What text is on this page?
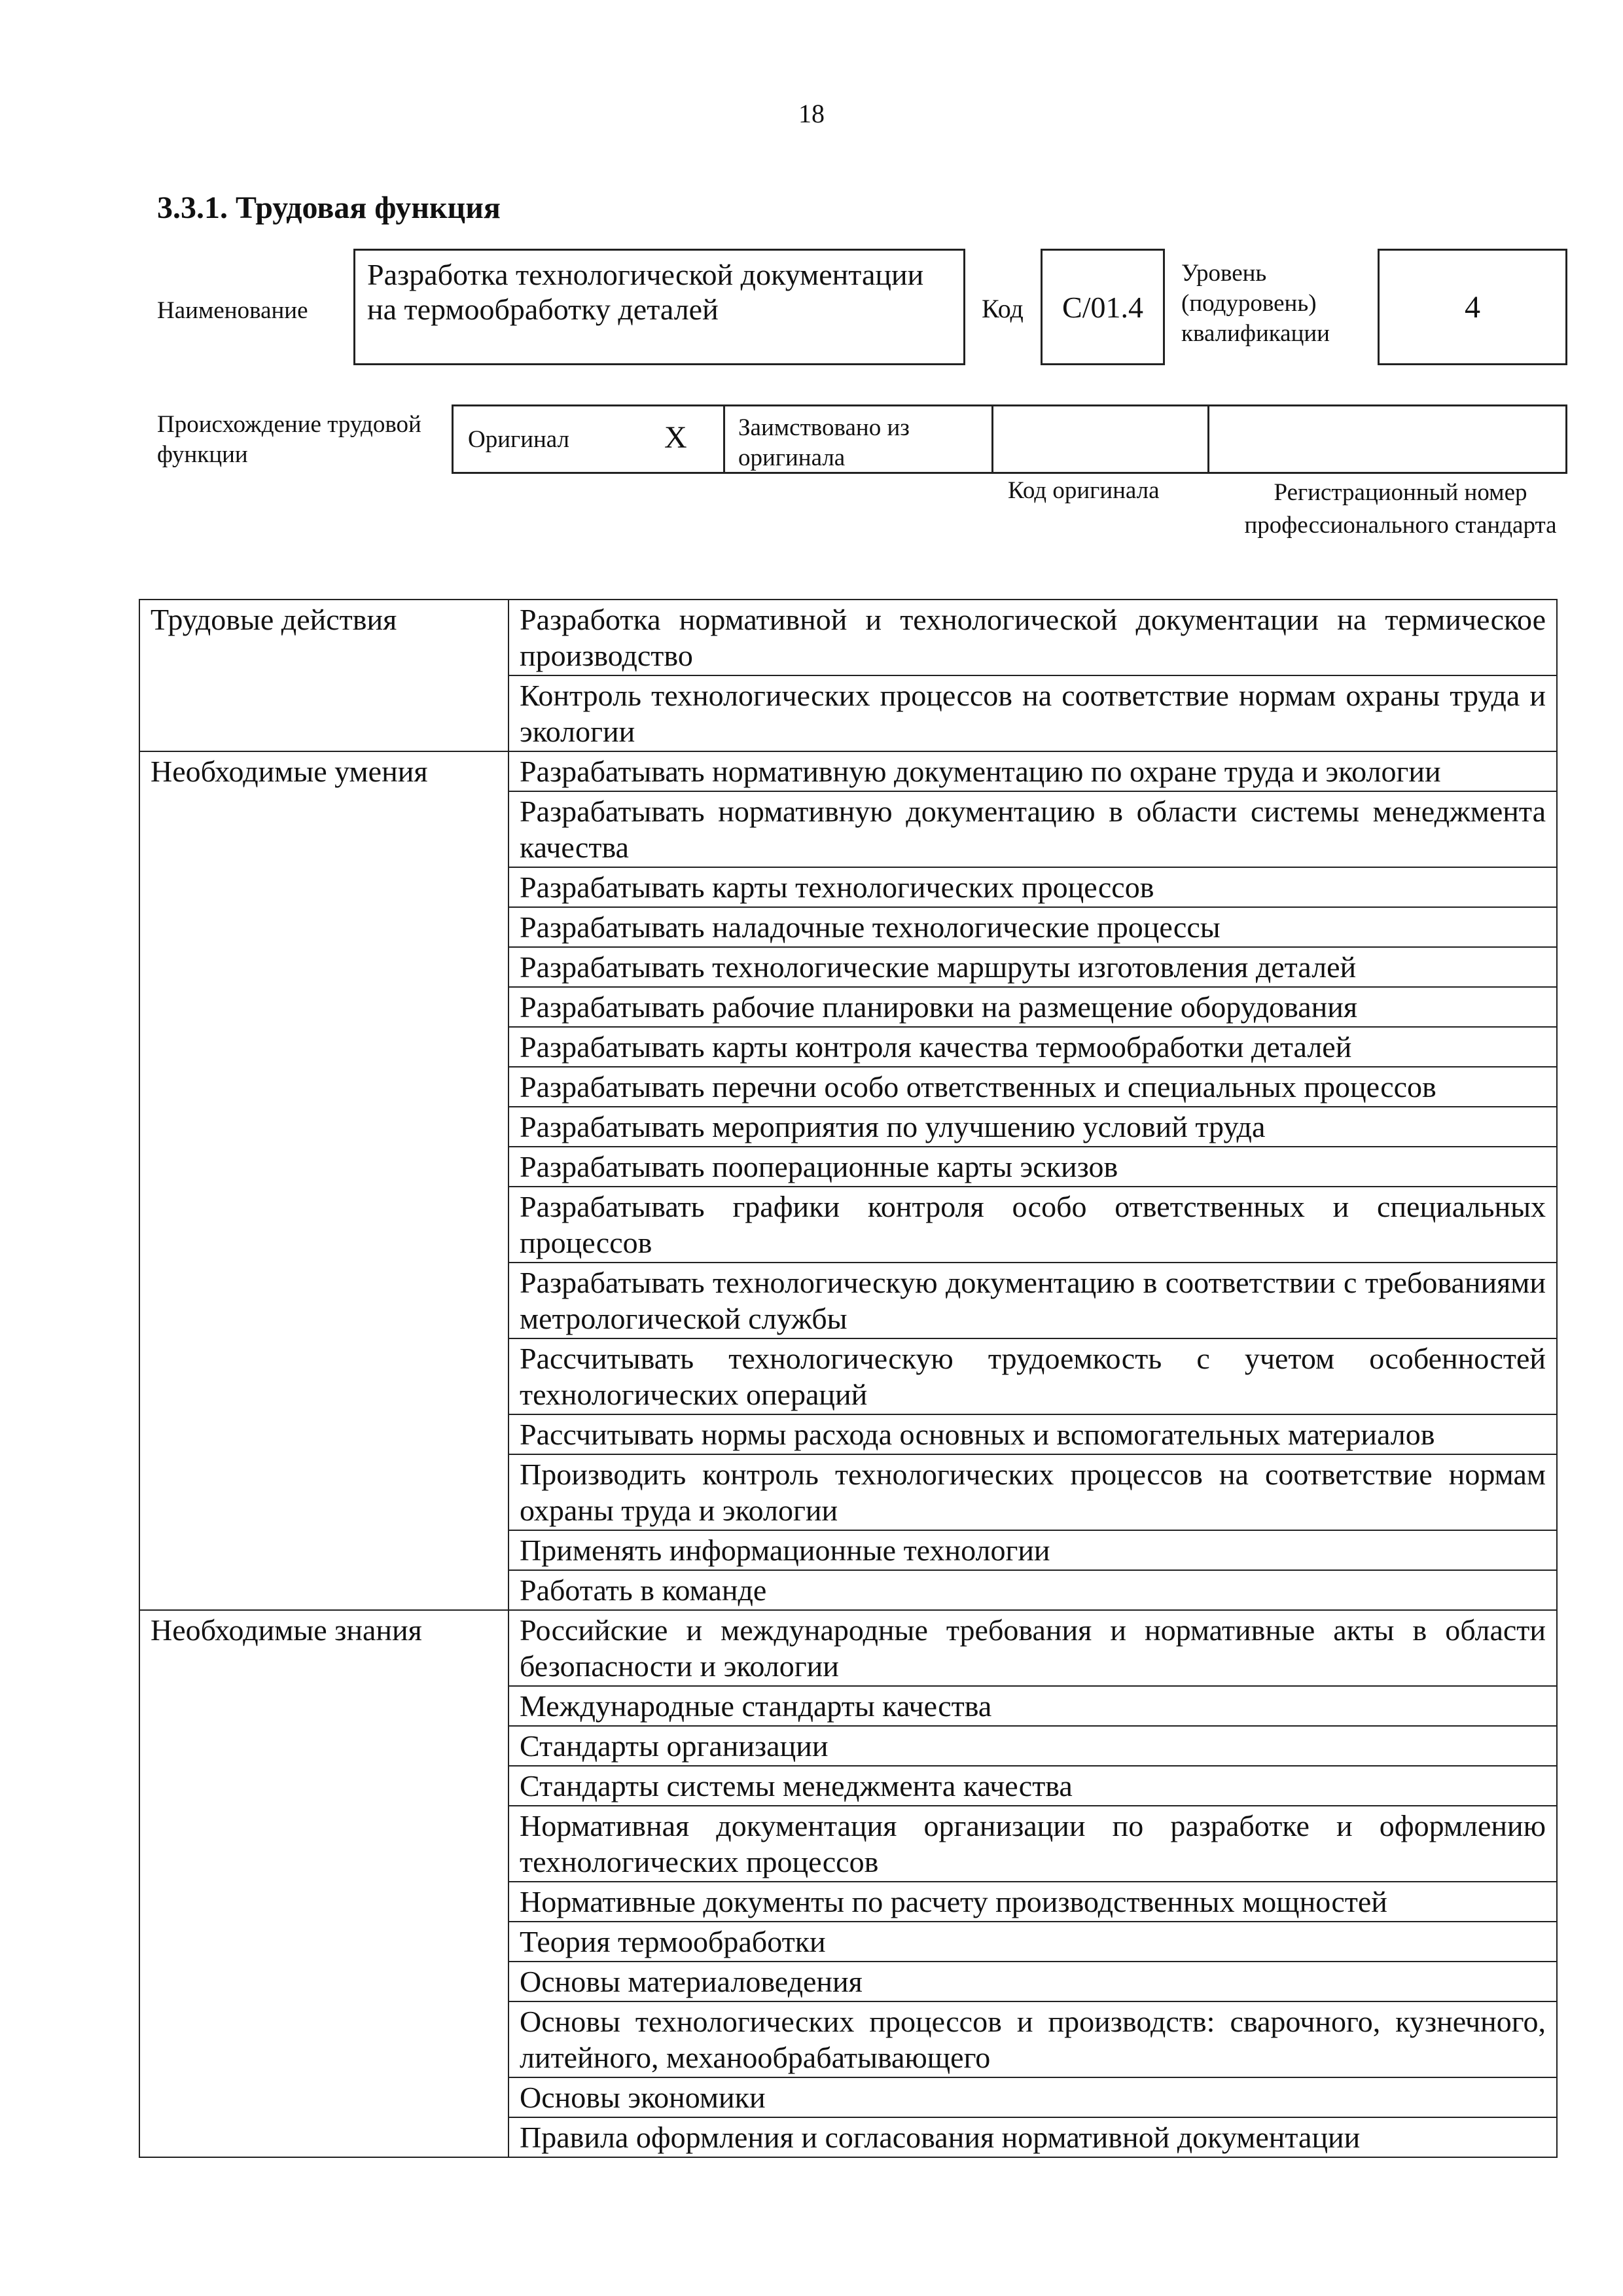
18
3.3.1. Трудовая функция
Наименование
Разработка технологической документации на термообработку деталей	Код C/01.4
Уровень (подуровень) квалификации
4
Происхождение трудовой функции
Оригинал	X	Заимствовано из оригинала
Код оригинала	Регистрационный номер профессионального стандарта
Трудовые действия	Разработка нормативной и технологической документации на термическое производство
	Контроль технологических процессов на соответствие нормам охраны труда и экологии
Необходимые умения	Разрабатывать нормативную документацию по охране труда и экологии
	Разрабатывать нормативную документацию в области системы менеджмента качества
	Разрабатывать карты технологических процессов
	Разрабатывать наладочные технологические процессы
	Разрабатывать технологические маршруты изготовления деталей
	Разрабатывать рабочие планировки на размещение оборудования
	Разрабатывать карты контроля качества термообработки деталей
	Разрабатывать перечни особо ответственных и специальных процессов
	Разрабатывать мероприятия по улучшению условий труда
	Разрабатывать пооперационные карты эскизов
	Разрабатывать графики контроля особо ответственных и специальных процессов
	Разрабатывать технологическую документацию в соответствии с требованиями метрологической службы
	Рассчитывать технологическую трудоемкость с учетом особенностей технологических операций
	Рассчитывать нормы расхода основных и вспомогательных материалов
	Производить контроль технологических процессов на соответствие нормам охраны труда и экологии
	Применять информационные технологии
	Работать в команде
Необходимые знания	Российские и международные требования и нормативные акты в области безопасности и экологии
	Международные стандарты качества
	Стандарты организации
	Стандарты системы менеджмента качества
	Нормативная документация организации по разработке и оформлению технологических процессов
	Нормативные документы по расчету производственных мощностей
	Теория термообработки
	Основы материаловедения
	Основы технологических процессов и производств: сварочного, кузнечного, литейного, механообрабатывающего
	Основы экономики
	Правила оформления и согласования нормативной документации
